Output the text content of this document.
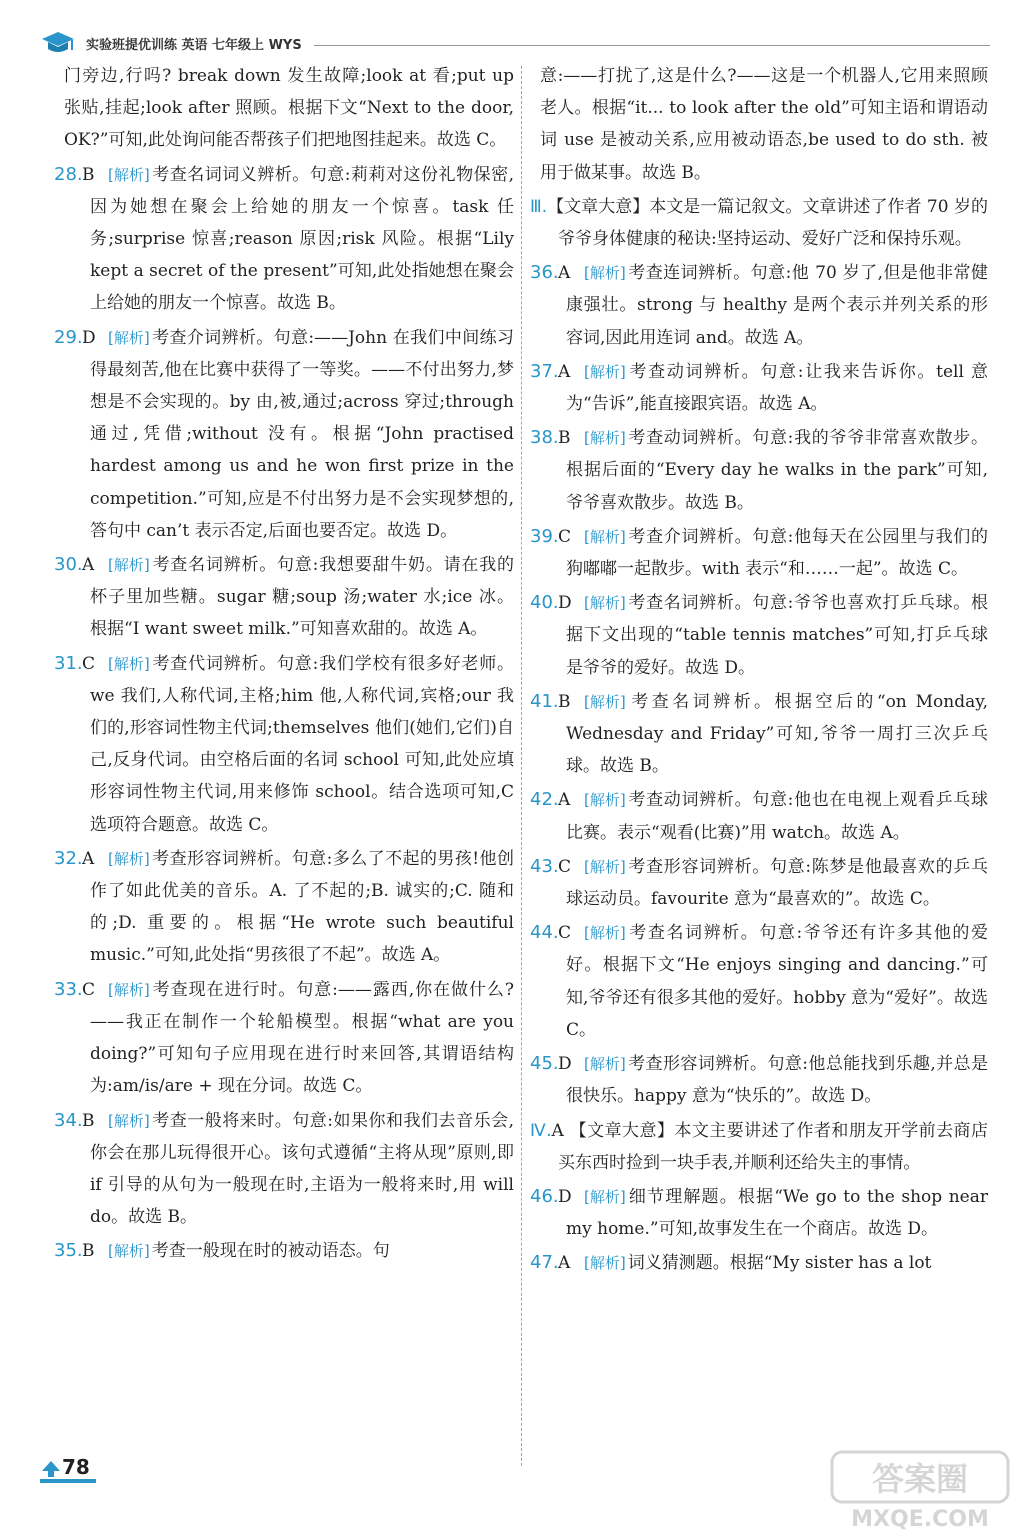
实验班提优训练 英语 七年级上 WYS
门旁边,行吗? break down 发生故障;look at 看;put up 张贴,挂起;look after 照顾。根据下文“Next to the door, OK?”可知,此处询问能否帮孩子们把地图挂起来。故选 C。
28.B [解析] 考查名词词义辨析。句意:莉莉对这份礼物保密,因为她想在聚会上给她的朋友一个惊喜。task 任务;surprise 惊喜;reason 原因;risk 风险。根据“Lily kept a secret of the present”可知,此处指她想在聚会上给她的朋友一个惊喜。故选 B。
29.D [解析] 考查介词辨析。句意:——John 在我们中间练习得最刻苦,他在比赛中获得了一等奖。——不付出努力,梦想是不会实现的。by 由,被,通过;across 穿过;through 通过,凭借;without 没有。根据“John practised hardest among us and he won first prize in the competition.”可知,应是不付出努力是不会实现梦想的,答句中 can’t 表示否定,后面也要否定。故选 D。
30.A [解析] 考查名词辨析。句意:我想要甜牛奶。请在我的杯子里加些糖。sugar 糖;soup 汤;water 水;ice 冰。根据“I want sweet milk.”可知喜欢甜的。故选 A。
31.C [解析] 考查代词辨析。句意:我们学校有很多好老师。we 我们,人称代词,主格;him 他,人称代词,宾格;our 我们的,形容词性物主代词;themselves 他们(她们,它们)自己,反身代词。由空格后面的名词 school 可知,此处应填形容词性物主代词,用来修饰 school。结合选项可知,C 选项符合题意。故选 C。
32.A [解析] 考查形容词辨析。句意:多么了不起的男孩!他创作了如此优美的音乐。A. 了不起的;B. 诚实的;C. 随和的;D. 重要的。根据“He wrote such beautiful music.”可知,此处指“男孩很了不起”。故选 A。
33.C [解析] 考查现在进行时。句意:——露西,你在做什么?——我正在制作一个轮船模型。根据“what are you doing?”可知句子应用现在进行时来回答,其谓语结构为:am/is/are + 现在分词。故选 C。
34.B [解析] 考查一般将来时。句意:如果你和我们去音乐会,你会在那儿玩得很开心。该句式遵循“主将从现”原则,即 if 引导的从句为一般现在时,主语为一般将来时,用 will do。故选 B。
35.B [解析] 考查一般现在时的被动语态。句
意:——打扰了,这是什么?——这是一个机器人,它用来照顾老人。根据“it... to look after the old”可知主语和谓语动词 use 是被动关系,应用被动语态,be used to do sth. 被用于做某事。故选 B。
Ⅲ.【文章大意】本文是一篇记叙文。文章讲述了作者 70 岁的爷爷身体健康的秘诀:坚持运动、爱好广泛和保持乐观。
36.A [解析] 考查连词辨析。句意:他 70 岁了,但是他非常健康强壮。strong 与 healthy 是两个表示并列关系的形容词,因此用连词 and。故选 A。
37.A [解析] 考查动词辨析。句意:让我来告诉你。tell 意为“告诉”,能直接跟宾语。故选 A。
38.B [解析] 考查动词辨析。句意:我的爷爷非常喜欢散步。根据后面的“Every day he walks in the park”可知,爷爷喜欢散步。故选 B。
39.C [解析] 考查介词辨析。句意:他每天在公园里与我们的狗嘟嘟一起散步。with 表示“和……一起”。故选 C。
40.D [解析] 考查名词辨析。句意:爷爷也喜欢打乒乓球。根据下文出现的“table tennis matches”可知,打乒乓球是爷爷的爱好。故选 D。
41.B [解析] 考查名词辨析。根据空后的“on Monday, Wednesday and Friday”可知,爷爷一周打三次乒乓球。故选 B。
42.A [解析] 考查动词辨析。句意:他也在电视上观看乒乓球比赛。表示“观看(比赛)”用 watch。故选 A。
43.C [解析] 考查形容词辨析。句意:陈梦是他最喜欢的乒乓球运动员。favourite 意为“最喜欢的”。故选 C。
44.C [解析] 考查名词辨析。句意:爷爷还有许多其他的爱好。根据下文“He enjoys singing and dancing.”可知,爷爷还有很多其他的爱好。hobby 意为“爱好”。故选 C。
45.D [解析] 考查形容词辨析。句意:他总能找到乐趣,并总是很快乐。happy 意为“快乐的”。故选 D。
Ⅳ.A 【文章大意】本文主要讲述了作者和朋友开学前去商店买东西时捡到一块手表,并顺利还给失主的事情。
46.D [解析] 细节理解题。根据“We go to the shop near my home.”可知,故事发生在一个商店。故选 D。
47.A [解析] 词义猜测题。根据“My sister has a lot
78	答案圈
MXQE.COM
